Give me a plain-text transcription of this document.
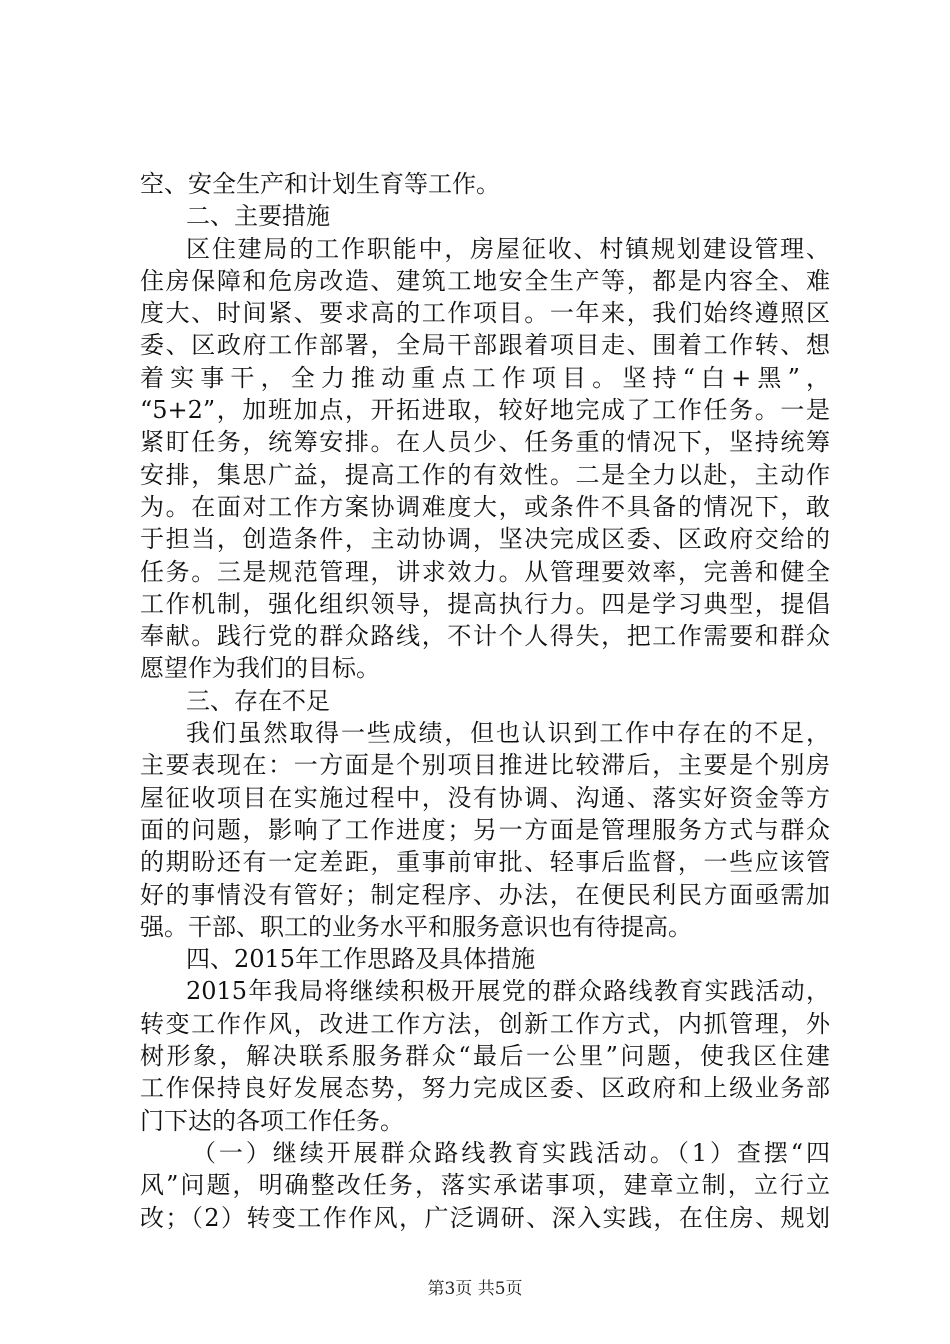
空、安全生产和计划生育等工作。
二、主要措施
区住建局的工作职能中，房屋征收、村镇规划建设管理、
住房保障和危房改造、建筑工地安全生产等，都是内容全、难
度大、时间紧、要求高的工作项目。一年来，我们始终遵照区
委、区政府工作部署，全局干部跟着项目走、围着工作转、想
着实事干，全力推动重点工作项目。坚持“白+黑”，
“5+2”，加班加点，开拓进取，较好地完成了工作任务。一是
紧盯任务，统筹安排。在人员少、任务重的情况下，坚持统筹
安排，集思广益，提高工作的有效性。二是全力以赴，主动作
为。在面对工作方案协调难度大，或条件不具备的情况下，敢
于担当，创造条件，主动协调，坚决完成区委、区政府交给的
任务。三是规范管理，讲求效力。从管理要效率，完善和健全
工作机制，强化组织领导，提高执行力。四是学习典型，提倡
奉献。践行党的群众路线，不计个人得失，把工作需要和群众
愿望作为我们的目标。
三、存在不足
我们虽然取得一些成绩，但也认识到工作中存在的不足，
主要表现在：一方面是个别项目推进比较滞后，主要是个别房
屋征收项目在实施过程中，没有协调、沟通、落实好资金等方
面的问题，影响了工作进度；另一方面是管理服务方式与群众
的期盼还有一定差距，重事前审批、轻事后监督，一些应该管
好的事情没有管好；制定程序、办法，在便民利民方面亟需加
强。干部、职工的业务水平和服务意识也有待提高。
四、2015年工作思路及具体措施
2015年我局将继续积极开展党的群众路线教育实践活动，
转变工作作风，改进工作方法，创新工作方式，内抓管理，外
树形象，解决联系服务群众“最后一公里”问题，使我区住建
工作保持良好发展态势，努力完成区委、区政府和上级业务部
门下达的各项工作任务。
（一）继续开展群众路线教育实践活动。（1）查摆“四
风”问题，明确整改任务，落实承诺事项，建章立制，立行立
改；（2）转变工作作风，广泛调研、深入实践，在住房、规划
第3页 共5页
